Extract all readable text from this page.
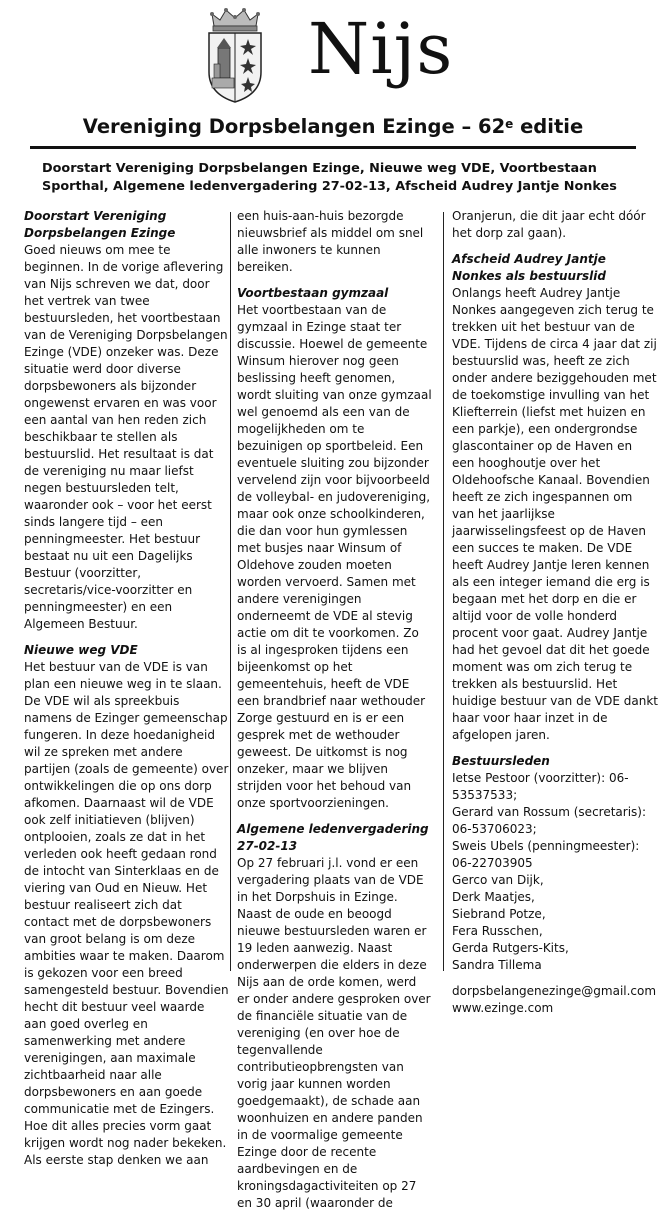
Nijs
Vereniging Dorpsbelangen Ezinge – 62e editie
Doorstart Vereniging Dorpsbelangen Ezinge, Nieuwe weg VDE, Voortbestaan Sporthal, Algemene ledenvergadering 27-02-13, Afscheid Audrey Jantje Nonkes
Doorstart Vereniging Dorpsbelangen Ezinge

Goed nieuws om mee te beginnen. In de vorige aflevering van Nijs schreven we dat, door het vertrek van twee bestuursleden, het voortbestaan van de Vereniging Dorpsbelangen Ezinge (VDE) onzeker was. Deze situatie werd door diverse dorpsbewoners als bijzonder ongewenst ervaren en was voor een aantal van hen reden zich beschikbaar te stellen als bestuurslid. Het resultaat is dat de vereniging nu maar liefst negen bestuursleden telt, waaronder ook – voor het eerst sinds langere tijd – een penningmeester. Het bestuur bestaat nu uit een Dagelijks Bestuur (voorzitter, secretaris/vice-voorzitter en penningmeester) en een Algemeen Bestuur.

Nieuwe weg VDE

Het bestuur van de VDE is van plan een nieuwe weg in te slaan. De VDE wil als spreekbuis namens de Ezinger gemeenschap fungeren. In deze hoedanigheid wil ze spreken met andere partijen (zoals de gemeente) over ontwikkelingen die op ons dorp afkomen. Daarnaast wil de VDE ook zelf initiatieven (blijven) ontplooien, zoals ze dat in het verleden ook heeft gedaan rond de intocht van Sinterklaas en de viering van Oud en Nieuw. Het bestuur realiseert zich dat contact met de dorpsbewoners van groot belang is om deze ambities waar te maken. Daarom is gekozen voor een breed samengesteld bestuur. Bovendien hecht dit bestuur veel waarde aan goed overleg en samenwerking met andere verenigingen, aan maximale zichtbaarheid naar alle dorpsbewoners en aan goede communicatie met de Ezingers. Hoe dit alles precies vorm gaat krijgen wordt nog nader bekeken. Als eerste stap denken we aan

een huis-aan-huis bezorgde nieuwsbrief als middel om snel alle inwoners te kunnen bereiken.

Voortbestaan gymzaal

Het voortbestaan van de gymzaal in Ezinge staat ter discussie. Hoewel de gemeente Winsum hierover nog geen beslissing heeft genomen, wordt sluiting van onze gymzaal wel genoemd als een van de mogelijkheden om te bezuinigen op sportbeleid. Een eventuele sluiting zou bijzonder vervelend zijn voor bijvoorbeeld de volleybal- en judovereniging, maar ook onze schoolkinderen, die dan voor hun gymlessen met busjes naar Winsum of Oldehove zouden moeten worden vervoerd. Samen met andere verenigingen onderneemt de VDE al stevig actie om dit te voorkomen. Zo is al ingesproken tijdens een bijeenkomst op het gemeentehuis, heeft de VDE een brandbrief naar wethouder Zorge gestuurd en is er een gesprek met de wethouder geweest. De uitkomst is nog onzeker, maar we blijven strijden voor het behoud van onze sportvoorzieningen.

Algemene ledenvergadering 27-02-13

Op 27 februari j.l. vond er een vergadering plaats van de VDE in het Dorpshuis in Ezinge. Naast de oude en beoogd nieuwe bestuursleden waren er 19 leden aanwezig. Naast onderwerpen die elders in deze Nijs aan de orde komen, werd er onder andere gesproken over de financiële situatie van de vereniging (en over hoe de tegenvallende contributieopbrengsten van vorig jaar kunnen worden goedgemaakt), de schade aan woonhuizen en andere panden in de voormalige gemeente Ezinge door de recente aardbevingen en de kroningsdagactiviteiten op 27 en 30 april (waaronder de

Oranjerun, die dit jaar echt dóór het dorp zal gaan).

Afscheid Audrey Jantje Nonkes als bestuurslid

Onlangs heeft Audrey Jantje Nonkes aangegeven zich terug te trekken uit het bestuur van de VDE. Tijdens de circa 4 jaar dat zij bestuurslid was, heeft ze zich onder andere beziggehouden met de toekomstige invulling van het Kliefterrein (liefst met huizen en een parkje), een ondergrondse glascontainer op de Haven en een hooghoutje over het Oldehoofsche Kanaal. Bovendien heeft ze zich ingespannen om van het jaarlijkse jaarwisselingsfeest op de Haven een succes te maken. De VDE heeft Audrey Jantje leren kennen als een integer iemand die erg is begaan met het dorp en die er altijd voor de volle honderd procent voor gaat. Audrey Jantje had het gevoel dat dit het goede moment was om zich terug te trekken als bestuurslid. Het huidige bestuur van de VDE dankt haar voor haar inzet in de afgelopen jaren.

Bestuursleden

Ietse Pestoor (voorzitter): 06-53537533;

Gerard van Rossum (secretaris): 06-53706023;

Sweis Ubels (penningmeester): 06-22703905

Gerco van Dijk,

Derk Maatjes,

Siebrand Potze,

Fera Russchen,

Gerda Rutgers-Kits,

Sandra Tillema

dorpsbelangenezinge@gmail.com

www.ezinge.com
